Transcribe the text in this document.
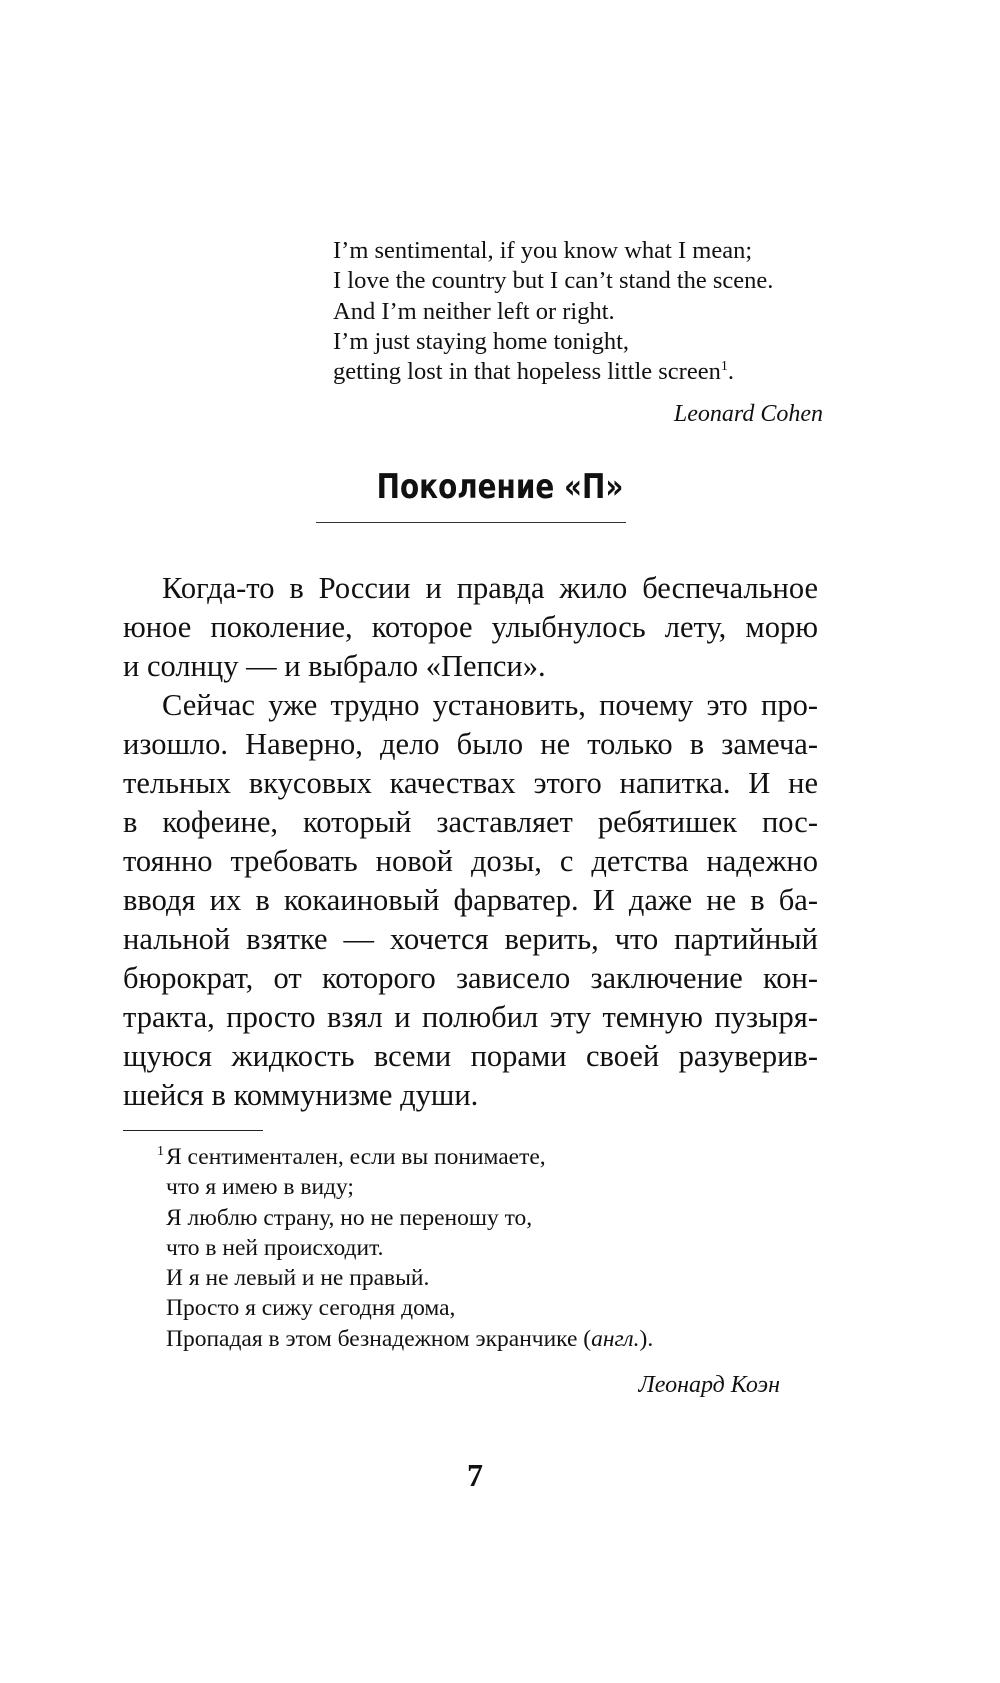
I’m sentimental, if you know what I mean;
I love the country but I can’t stand the scene.
And I’m neither left or right.
I’m just staying home tonight,
getting lost in that hopeless little screen$^1$.
Leonard Cohen
Поколение «П»
Когда-то в России и правда жило беспечальное
юное поколение, которое улыбнулось лету, морю
и солнцу — и выбрало «Пепси».
Сейчас уже трудно установить, почему это про-
изошло. Наверно, дело было не только в замеча-
тельных вкусовых качествах этого напитка. И не
в кофеине, который заставляет ребятишек пос-
тоянно требовать новой дозы, с детства надежно
вводя их в кокаиновый фарватер. И даже не в ба-
нальной взятке — хочется верить, что партийный
бюрократ, от которого зависело заключение кон-
тракта, просто взял и полюбил эту темную пузыря-
щуюся жидкость всеми порами своей разуверив-
шейся в коммунизме души.
1 Я сентиментален, если вы понимаете,
что я имею в виду;
Я люблю страну, но не переношу то,
что в ней происходит.
И я не левый и не правый.
Просто я сижу сегодня дома,
Пропадая в этом безнадежном экранчике (англ.).
Леонард Коэн
7
